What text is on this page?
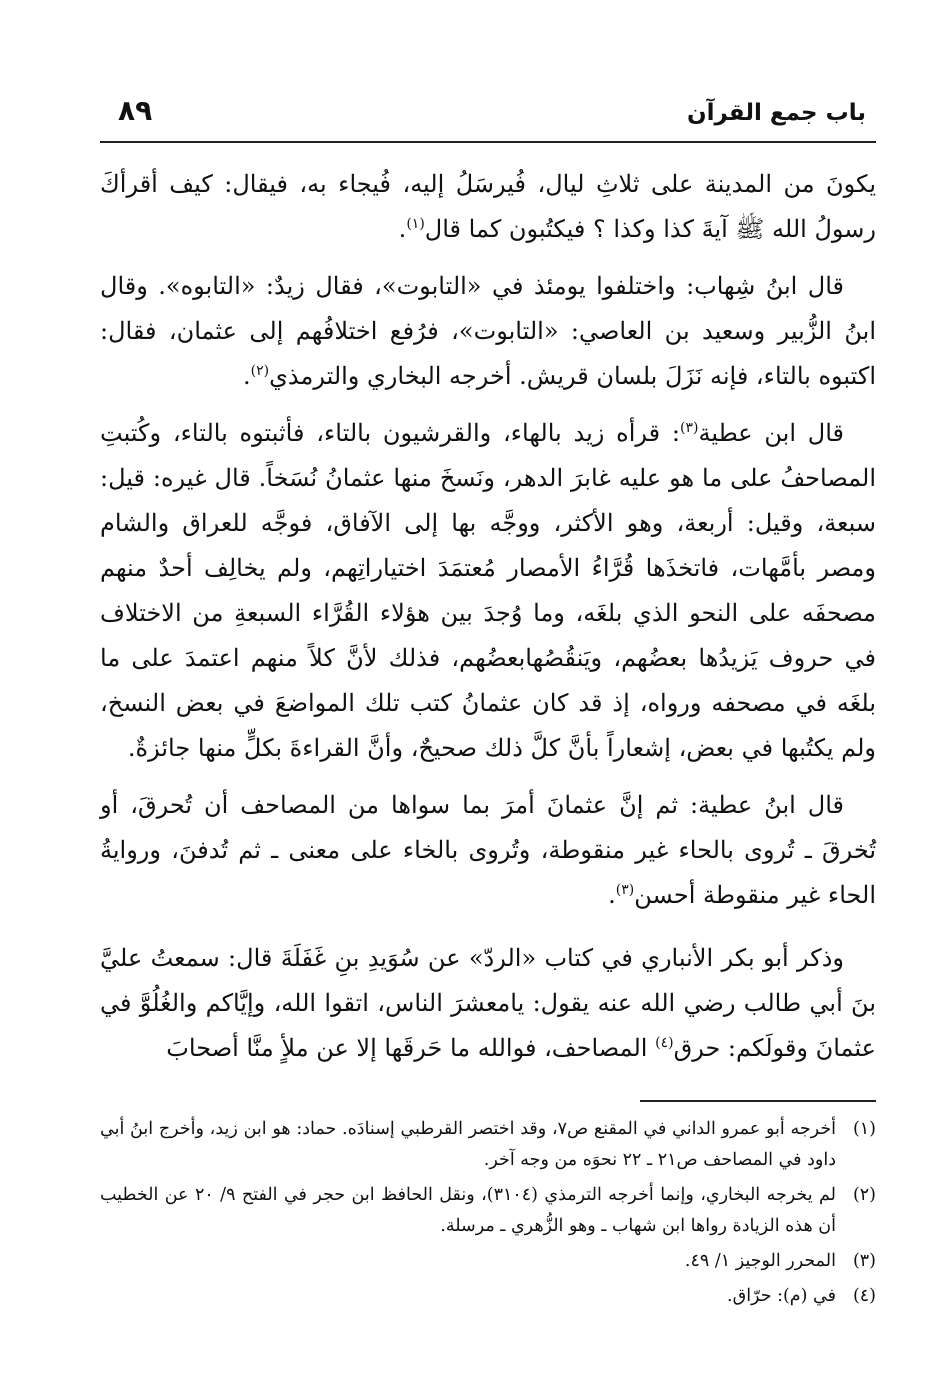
باب جمع القرآن
٨٩

يكونَ من المدينة على ثلاثِ ليال، فُيرسَلُ إليه، فُيجاء به، فيقال: كيف أقرأكَ رسولُ الله ﷺ آيةَ كذا وكذا ؟ فيكتُبون كما قال$^{(١)}$.

قال ابنُ شِهاب: واختلفوا يومئذ في «التابوت»، فقال زيدٌ: «التابوه». وقال ابنُ الزُّبير وسعيد بن العاصي: «التابوت»، فرُفع اختلافُهم إلى عثمان، فقال: اكتبوه بالتاء، فإنه نَزَلَ بلسان قريش. أخرجه البخاري والترمذي$^{(٢)}$.

قال ابن عطية$^{(٣)}$: قرأه زيد بالهاء، والقرشيون بالتاء، فأثبتوه بالتاء، وكُتبتِ المصاحفُ على ما هو عليه غابرَ الدهر، ونَسخَ منها عثمانُ نُسَخاً. قال غيره: قيل: سبعة، وقيل: أربعة، وهو الأكثر، ووجَّه بها إلى الآفاق، فوجَّه للعراق والشام ومصر بأمَّهات، فاتخذَها قُرَّاءُ الأمصار مُعتمَدَ اختياراتِهم، ولم يخالِف أحدٌ منهم مصحفَه على النحو الذي بلغَه، وما وُجدَ بين هؤلاء القُرَّاء السبعةِ من الاختلاف في حروف يَزيدُها بعضُهم، ويَنقُصُهابعضُهم، فذلك لأنَّ كلاً منهم اعتمدَ على ما بلغَه في مصحفه ورواه، إذ قد كان عثمانُ كتب تلك المواضعَ في بعض النسخ، ولم يكتُبها في بعض، إشعاراً بأنَّ كلَّ ذلك صحيحٌ، وأنَّ القراءةَ بكلٍّ منها جائزةٌ.

قال ابنُ عطية: ثم إنَّ عثمانَ أمرَ بما سواها من المصاحف أن تُحرقَ، أو تُخرقَ ـ تُروى بالحاء غير منقوطة، وتُروى بالخاء على معنى ـ ثم تُدفنَ، وروايةُ الحاء غير منقوطة أحسن$^{(٣)}$.

وذكر أبو بكر الأنباري في كتاب «الردّ» عن سُوَيدِ بنِ غَفَلَةَ قال: سمعتُ عليَّ بنَ أبي طالب رضي الله عنه يقول: يامعشرَ الناس، اتقوا الله، وإيَّاكم والغُلُوَّ في عثمانَ وقولَكم: حرق$^{(٤)}$ المصاحف، فوالله ما حَرقَها إلا عن ملأٍ منَّا أصحابَ

(١)
أخرجه أبو عمرو الداني في المقنع ص٧، وقد اختصر القرطبي إسنادَه. حماد: هو ابن زيد، وأخرج ابنُ أبي داود في المصاحف ص٢١ ـ ٢٢ نحوَه من وجه آخر.
(٢)
لم يخرجه البخاري، وإنما أخرجه الترمذي (٣١٠٤)، ونقل الحافظ ابن حجر في الفتح ٩/ ٢٠ عن الخطيب أن هذه الزيادة رواها ابن شهاب ـ وهو الزُّهري ـ مرسلة.
(٣)
المحرر الوجيز ١/ ٤٩.
(٤)
في (م): حرّاق.
